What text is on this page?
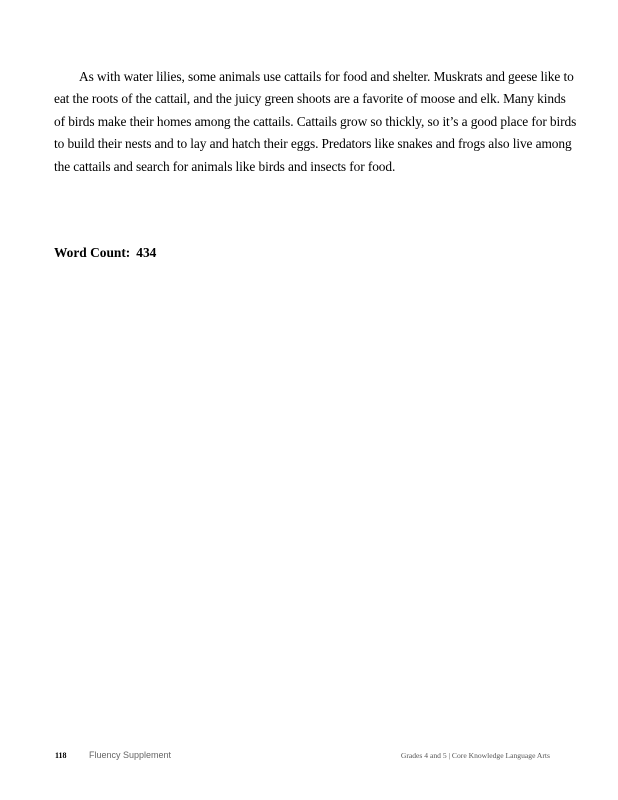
As with water lilies, some animals use cattails for food and shelter. Muskrats and geese like to eat the roots of the cattail, and the juicy green shoots are a favorite of moose and elk. Many kinds of birds make their homes among the cattails. Cattails grow so thickly, so it’s a good place for birds to build their nests and to lay and hatch their eggs. Predators like snakes and frogs also live among the cattails and search for animals like birds and insects for food.

Word Count: 434

118 Fluency Supplement	Grades 4 and 5 | Core Knowledge Language Arts
